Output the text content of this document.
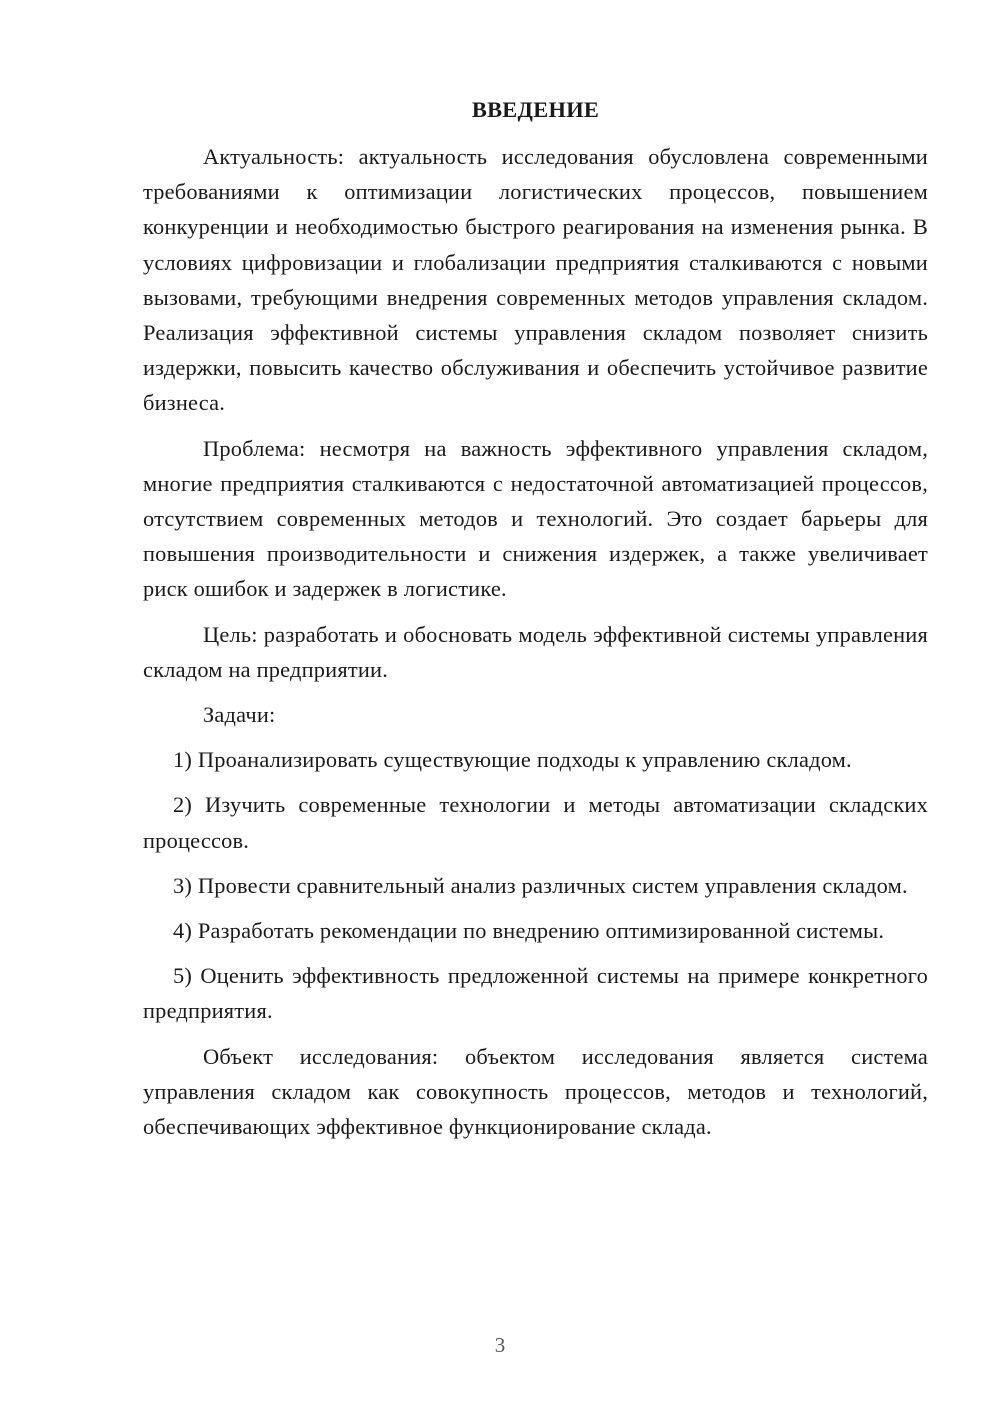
ВВЕДЕНИЕ

Актуальность: актуальность исследования обусловлена современными требованиями к оптимизации логистических процессов, повышением конкуренции и необходимостью быстрого реагирования на изменения рынка. В условиях цифровизации и глобализации предприятия сталкиваются с новыми вызовами, требующими внедрения современных методов управления складом. Реализация эффективной системы управления складом позволяет снизить издержки, повысить качество обслуживания и обеспечить устойчивое развитие бизнеса.

Проблема: несмотря на важность эффективного управления складом, многие предприятия сталкиваются с недостаточной автоматизацией процессов, отсутствием современных методов и технологий. Это создает барьеры для повышения производительности и снижения издержек, а также увеличивает риск ошибок и задержек в логистике.

Цель: разработать и обосновать модель эффективной системы управления складом на предприятии.

Задачи:

1) Проанализировать существующие подходы к управлению складом.

2) Изучить современные технологии и методы автоматизации складских процессов.

3) Провести сравнительный анализ различных систем управления складом.

4) Разработать рекомендации по внедрению оптимизированной системы.

5) Оценить эффективность предложенной системы на примере конкретного предприятия.

Объект исследования: объектом исследования является система управления складом как совокупность процессов, методов и технологий, обеспечивающих эффективное функционирование склада.

3
